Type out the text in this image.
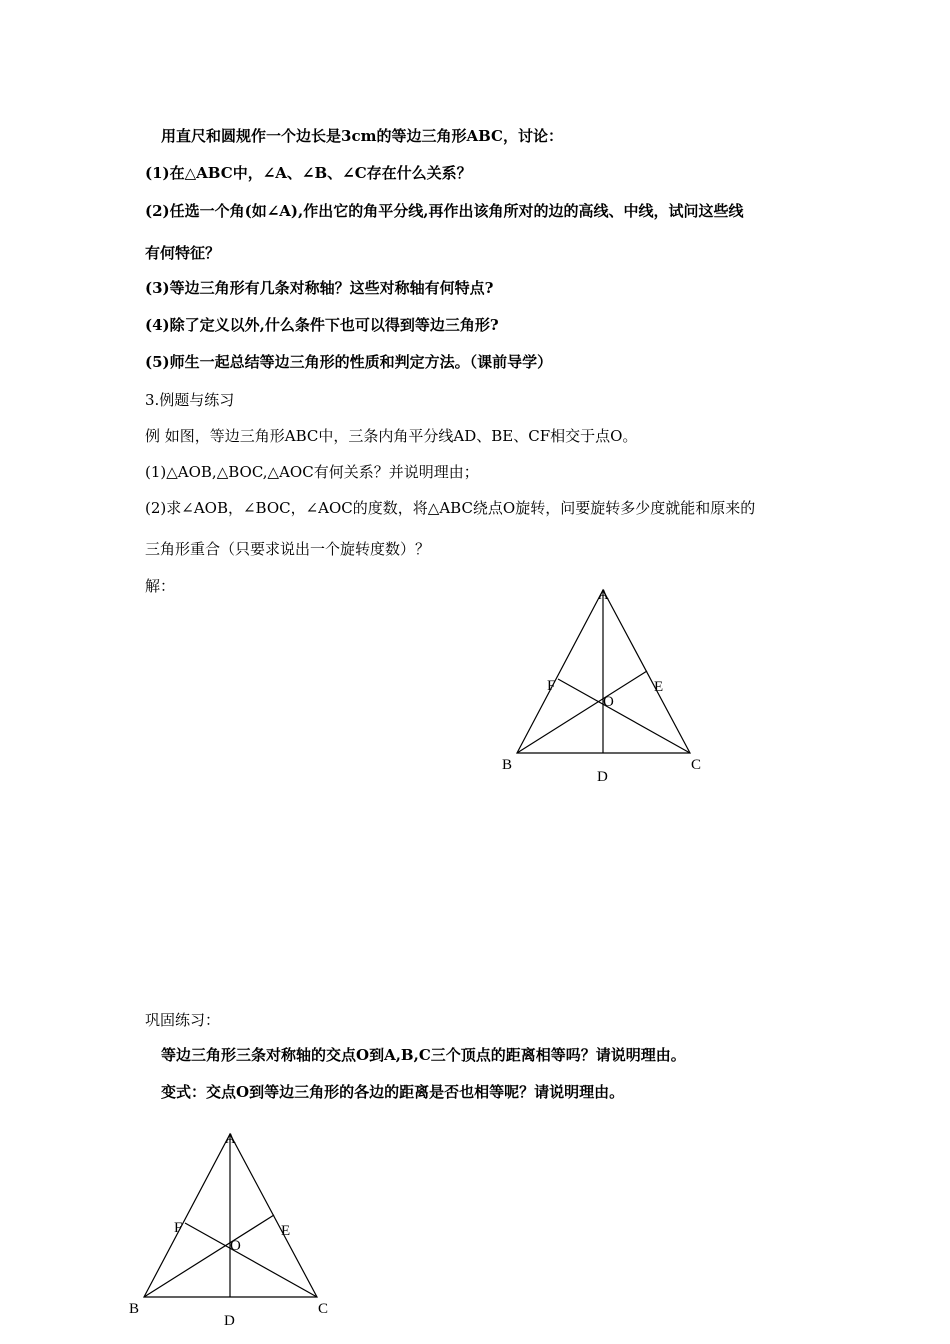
用直尺和圆规作一个边长是3cm的等边三角形ABC，讨论：
(1)在△ABC中，∠A、∠B、∠C存在什么关系？
(2)任选一个角(如∠A),作出它的角平分线,再作出该角所对的边的高线、中线，试问这些线
有何特征？
(3)等边三角形有几条对称轴？这些对称轴有何特点?
(4)除了定义以外,什么条件下也可以得到等边三角形?
(5)师生一起总结等边三角形的性质和判定方法。（课前导学）
3.例题与练习
例 如图，等边三角形ABC中，三条内角平分线AD、BE、CF相交于点O。
(1)△AOB,△BOC,△AOC有何关系？并说明理由；
(2)求∠AOB，∠BOC，∠AOC的度数，将△ABC绕点O旋转，问要旋转多少度就能和原来的
三角形重合（只要求说出一个旋转度数）？
解：	A
B	C
D
E
F
O
巩固练习：
等边三角形三条对称轴的交点O到A,B,C三个顶点的距离相等吗？请说明理由。
变式：交点O到等边三角形的各边的距离是否也相等呢？请说明理由。
A
B	C
D
E
F
O
